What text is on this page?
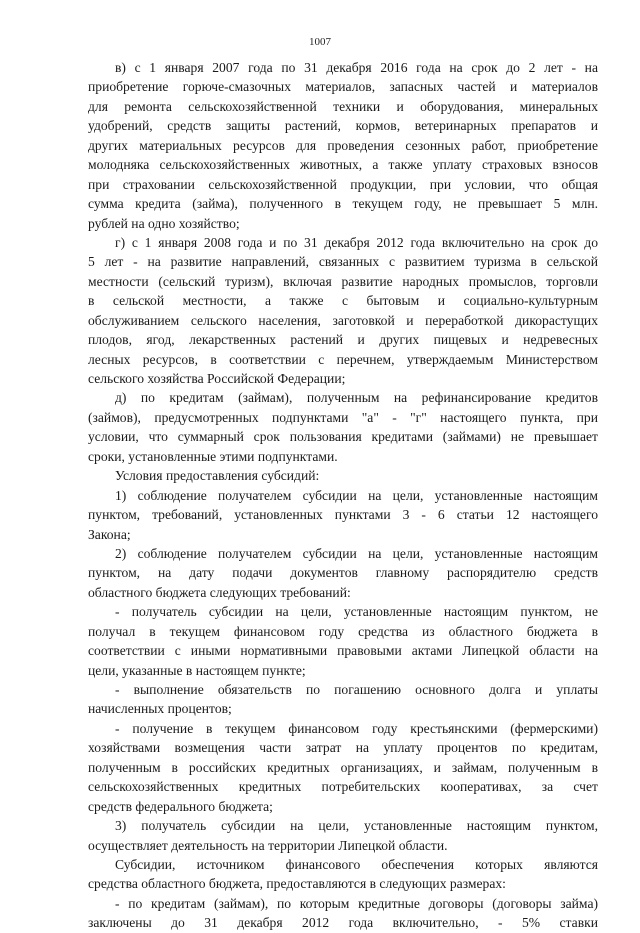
1007
в) с 1 января 2007 года по 31 декабря 2016 года на срок до 2 лет - на
приобретение горюче-смазочных материалов, запасных частей и материалов
для ремонта сельскохозяйственной техники и оборудования, минеральных
удобрений, средств защиты растений, кормов, ветеринарных препаратов и
других материальных ресурсов для проведения сезонных работ, приобретение
молодняка сельскохозяйственных животных, а также уплату страховых взносов
при страховании сельскохозяйственной продукции, при условии, что общая
сумма кредита (займа), полученного в текущем году, не превышает 5 млн.
рублей на одно хозяйство;
г) с 1 января 2008 года и по 31 декабря 2012 года включительно на срок до
5 лет - на развитие направлений, связанных с развитием туризма в сельской
местности (сельский туризм), включая развитие народных промыслов, торговли
в сельской местности, а также с бытовым и социально-культурным
обслуживанием сельского населения, заготовкой и переработкой дикорастущих
плодов, ягод, лекарственных растений и других пищевых и недревесных
лесных ресурсов, в соответствии с перечнем, утверждаемым Министерством
сельского хозяйства Российской Федерации;
д) по кредитам (займам), полученным на рефинансирование кредитов
(займов), предусмотренных подпунктами "а" - "г" настоящего пункта, при
условии, что суммарный срок пользования кредитами (займами) не превышает
сроки, установленные этими подпунктами.
Условия предоставления субсидий:
1) соблюдение получателем субсидии на цели, установленные настоящим
пунктом, требований, установленных пунктами 3 - 6 статьи 12 настоящего
Закона;
2) соблюдение получателем субсидии на цели, установленные настоящим
пунктом, на дату подачи документов главному распорядителю средств
областного бюджета следующих требований:
- получатель субсидии на цели, установленные настоящим пунктом, не
получал в текущем финансовом году средства из областного бюджета в
соответствии с иными нормативными правовыми актами Липецкой области на
цели, указанные в настоящем пункте;
- выполнение обязательств по погашению основного долга и уплаты
начисленных процентов;
- получение в текущем финансовом году крестьянскими (фермерскими)
хозяйствами возмещения части затрат на уплату процентов по кредитам,
полученным в российских кредитных организациях, и займам, полученным в
сельскохозяйственных кредитных потребительских кооперативах, за счет
средств федерального бюджета;
3) получатель субсидии на цели, установленные настоящим пунктом,
осуществляет деятельность на территории Липецкой области.
Субсидии, источником финансового обеспечения которых являются
средства областного бюджета, предоставляются в следующих размерах:
- по кредитам (займам), по которым кредитные договоры (договоры займа)
заключены до 31 декабря 2012 года включительно, - 5% ставки
